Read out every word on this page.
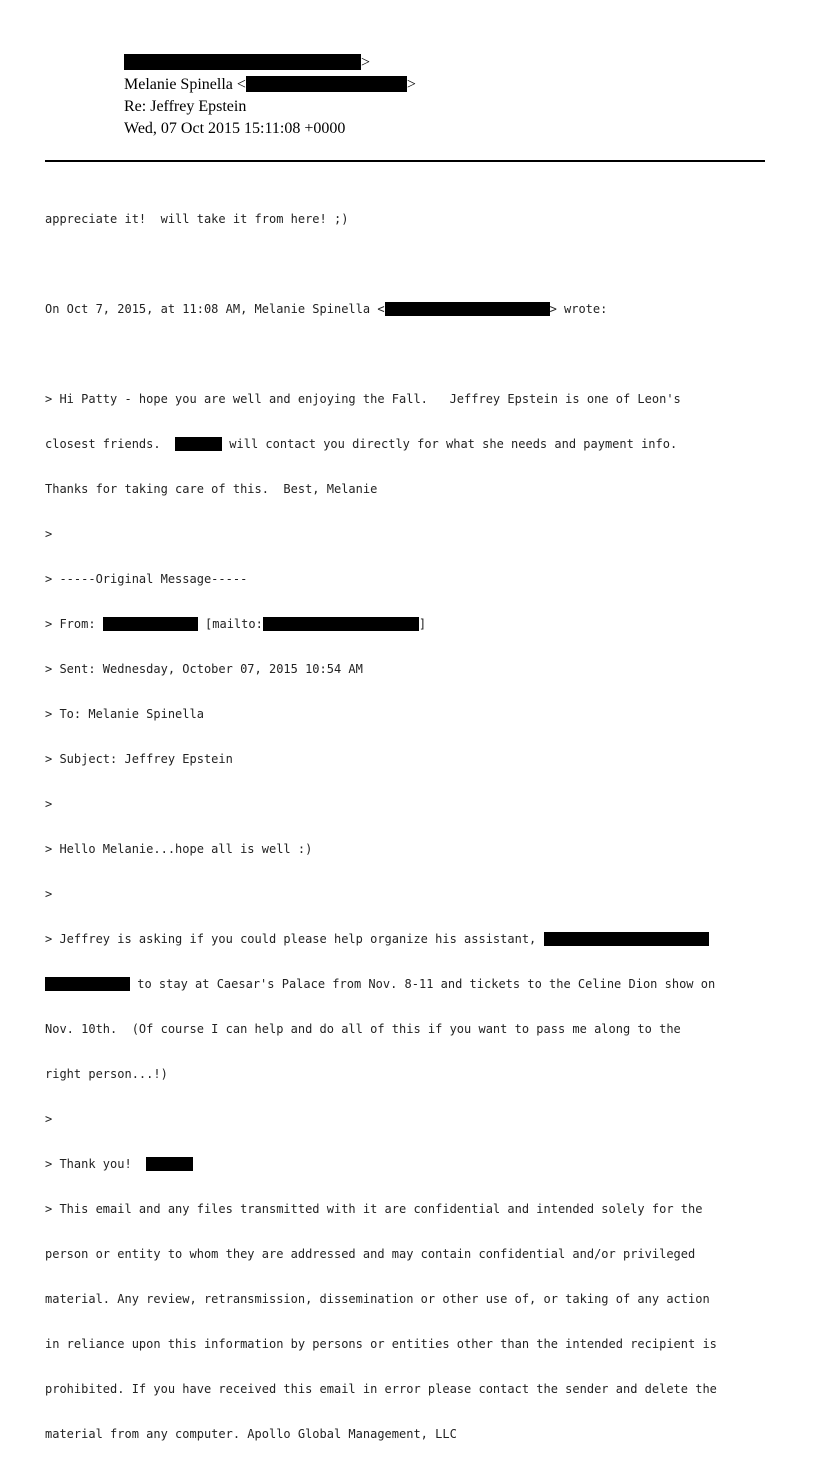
>
Melanie Spinella <	>
Re: Jeffrey Epstein
Wed, 07 Oct 2015 15:11:08 +0000

appreciate it!  will take it from here! ;)

On Oct 7, 2015, at 11:08 AM, Melanie Spinella <	> wrote:

> Hi Patty - hope you are well and enjoying the Fall.   Jeffrey Epstein is one of Leon's

closest friends.	will contact you directly for what she needs and payment info.

Thanks for taking care of this.  Best, Melanie

>

> -----Original Message-----

> From:	[mailto:	]

> Sent: Wednesday, October 07, 2015 10:54 AM

> To: Melanie Spinella

> Subject: Jeffrey Epstein

>

> Hello Melanie...hope all is well :)

>

> Jeffrey is asking if you could please help organize his assistant,

to stay at Caesar's Palace from Nov. 8-11 and tickets to the Celine Dion show on

Nov. 10th.  (Of course I can help and do all of this if you want to pass me along to the

right person...!)

>

> Thank you!

> This email and any files transmitted with it are confidential and intended solely for the

person or entity to whom they are addressed and may contain confidential and/or privileged

material. Any review, retransmission, dissemination or other use of, or taking of any action

in reliance upon this information by persons or entities other than the intended recipient is

prohibited. If you have received this email in error please contact the sender and delete the

material from any computer. Apollo Global Management, LLC
